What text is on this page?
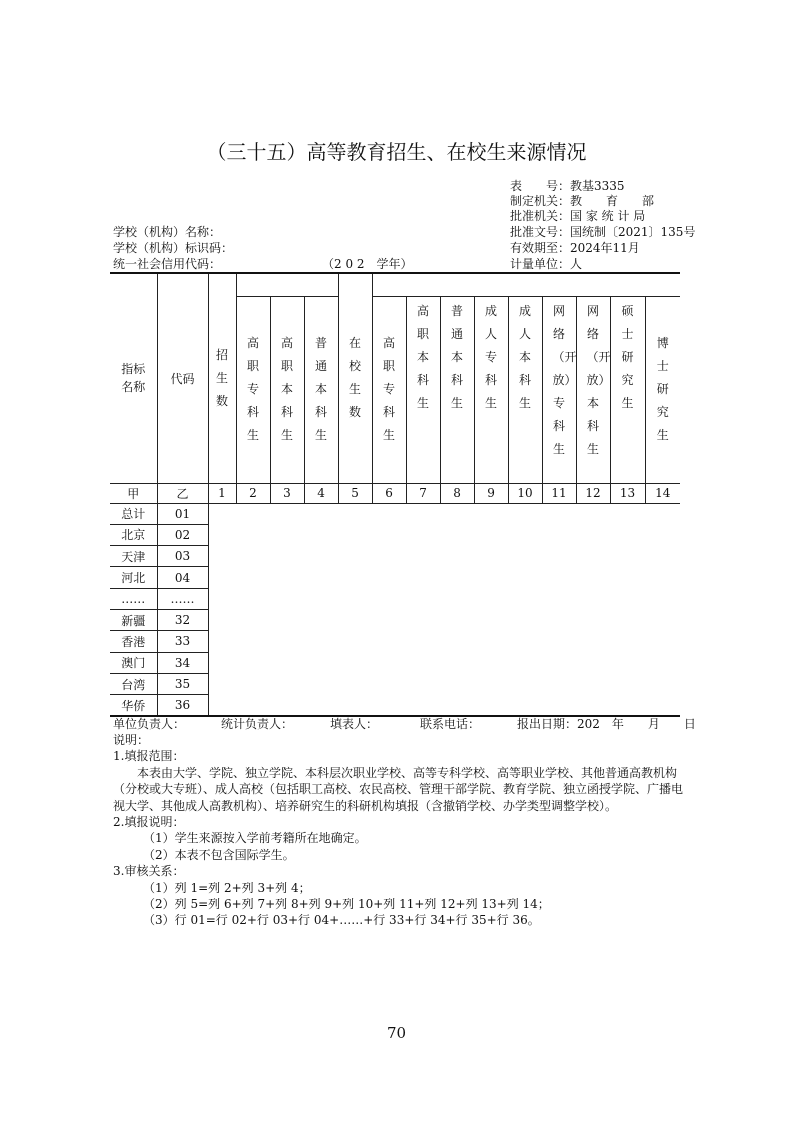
（三十五）高等教育招生、在校生来源情况
表　　号：教基3335
制定机关：教　　育　　部
批准机关：国 家 统 计 局
批准文号：国统制〔2021〕135号
有效期至：2024年11月
计量单位：人
学校（机构）名称：
学校（机构）标识码：
统一社会信用代码：	（2 0 2　学年）
指标名称	代码	招生数				在校生数									
			高职专科生	高职本科生	普通本科生		高职专科生	高职本科生	普通本科生	成人专科生	成人本科生	网络（开放）专科生	网络（开放）本科生	硕士研究生	博士研究生
甲	乙	1	2	3	4	5	6	7	8	9	10	11	12	13	14
总计	01														
北京	02														
天津	03														
河北	04														
……	……														
新疆	32														
香港	33														
澳门	34														
台湾	35														
华侨	36														
单位负责人：	统计负责人：	填表人：	联系电话：	报出日期：202　年　　月　　日

说明：

1.填报范围：

本表由大学、学院、独立学院、本科层次职业学校、高等专科学校、高等职业学校、其他普通高教机构

（分校或大专班）、成人高校（包括职工高校、农民高校、管理干部学院、教育学院、独立函授学院、广播电

视大学、其他成人高教机构）、培养研究生的科研机构填报（含撤销学校、办学类型调整学校）。

2.填报说明：

（1）学生来源按入学前考籍所在地确定。

（2）本表不包含国际学生。

3.审核关系：

（1）列 1=列 2+列 3+列 4；

（2）列 5=列 6+列 7+列 8+列 9+列 10+列 11+列 12+列 13+列 14；

（3）行 01=行 02+行 03+行 04+……+行 33+行 34+行 35+行 36。

70
